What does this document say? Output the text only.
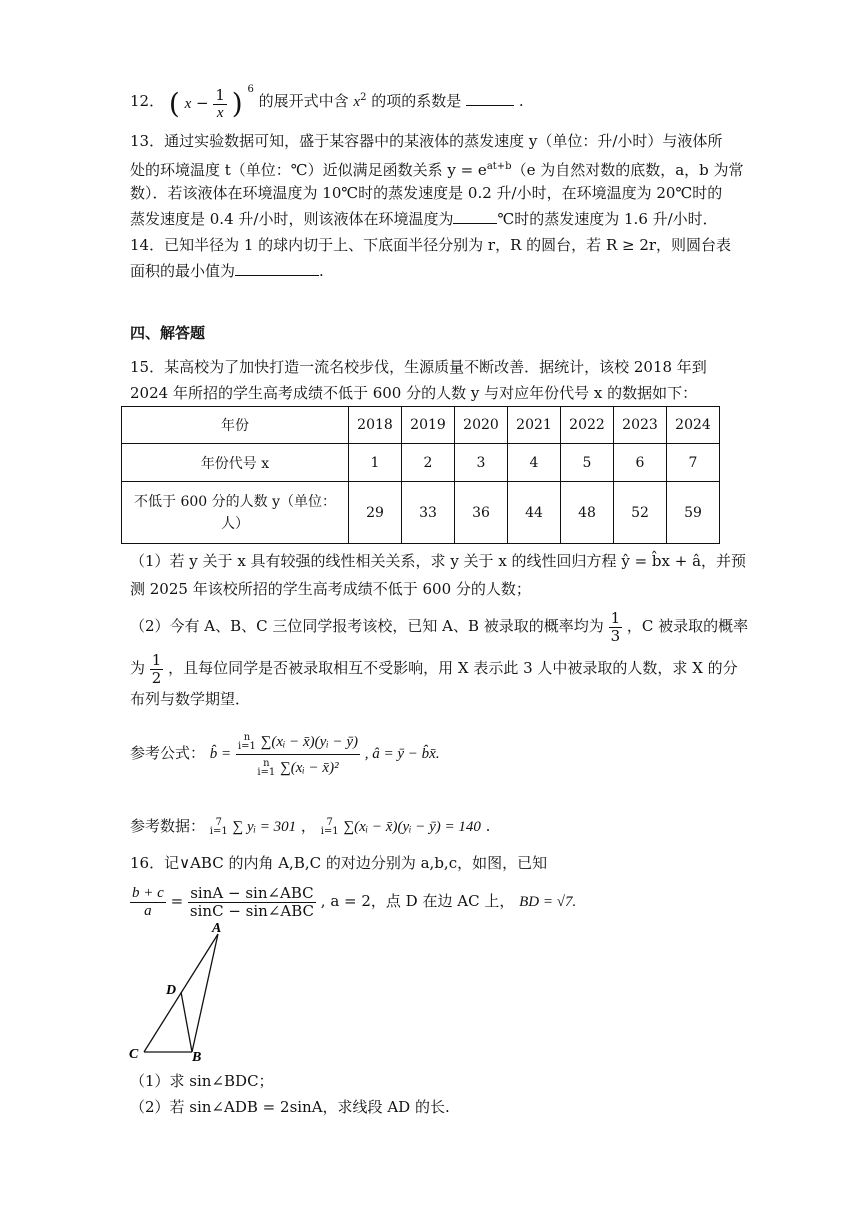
12． ( $x - \frac{1}{x}$ ) $^6$ 的展开式中含 $x^2$ 的项的系数是	.
13．通过实验数据可知，盛于某容器中的某液体的蒸发速度 y（单位：升/小时）与液体所
处的环境温度 t（单位：℃）近似满足函数关系 $y = e^{at+b}(e$ 为自然对数的底数，a，b 为常
数）．若该液体在环境温度为 10℃时的蒸发速度是 0.2 升/小时，在环境温度为 20℃时的
蒸发速度是 0.4 升/小时，则该液体在环境温度为	℃时的蒸发速度为 1.6 升/小时．
14．已知半径为 1 的球内切于上、下底面半径分别为 r，R 的圆台，若 R ≥ 2r，则圆台表
面积的最小值为	.
四、解答题
15．某高校为了加快打造一流名校步伐，生源质量不断改善．据统计，该校 2018 年到
2024 年所招的学生高考成绩不低于 600 分的人数 y 与对应年份代号 x 的数据如下：
年份	2018	2019	2020	2021	2022	2023	2024
年份代号 x	1	2	3	4	5	6	7
不低于 600 分的人数 y（单位：人）	29	33	36	44	48	52	59
（1）若 y 关于 x 具有较强的线性相关关系，求 y 关于 x 的线性回归方程 ŷ = b̂x + â，并预
测 2025 年该校所招的学生高考成绩不低于 600 分的人数；
（2）今有 A、B、C 三位同学报考该校，已知 A、B 被录取的概率均为 $\frac{1}{3}$ ，C 被录取的概率
为 $\frac{1}{2}$ ，且每位同学是否被录取相互不受影响，用 X 表示此 3 人中被录取的人数，求 X 的分
布列与数学期望．
参考公式： b̂ = n
i=1 ∑(xᵢ − x̄)(yᵢ − ȳ)
n
i=1 ∑(xᵢ − x̄)² , â = ȳ − b̂x̄.
参考数据：	7
i=1 ∑ yᵢ = 301 ，	7
i=1 ∑(xᵢ − x̄)(yᵢ − ȳ) = 140 .
16．记∨ABC 的内角 A,B,C 的对边分别为 a,b,c，如图，已知
$\frac{b + c}{a} = \frac{\text{sinA − sin∠ABC}}{\text{sinC − sin∠ABC}}$ , a = 2，点 D 在边 AC 上， BD = √7.
A
D
C	B
（1）求 sin∠BDC；
（2）若 sin∠ADB = 2sinA，求线段 AD 的长.
